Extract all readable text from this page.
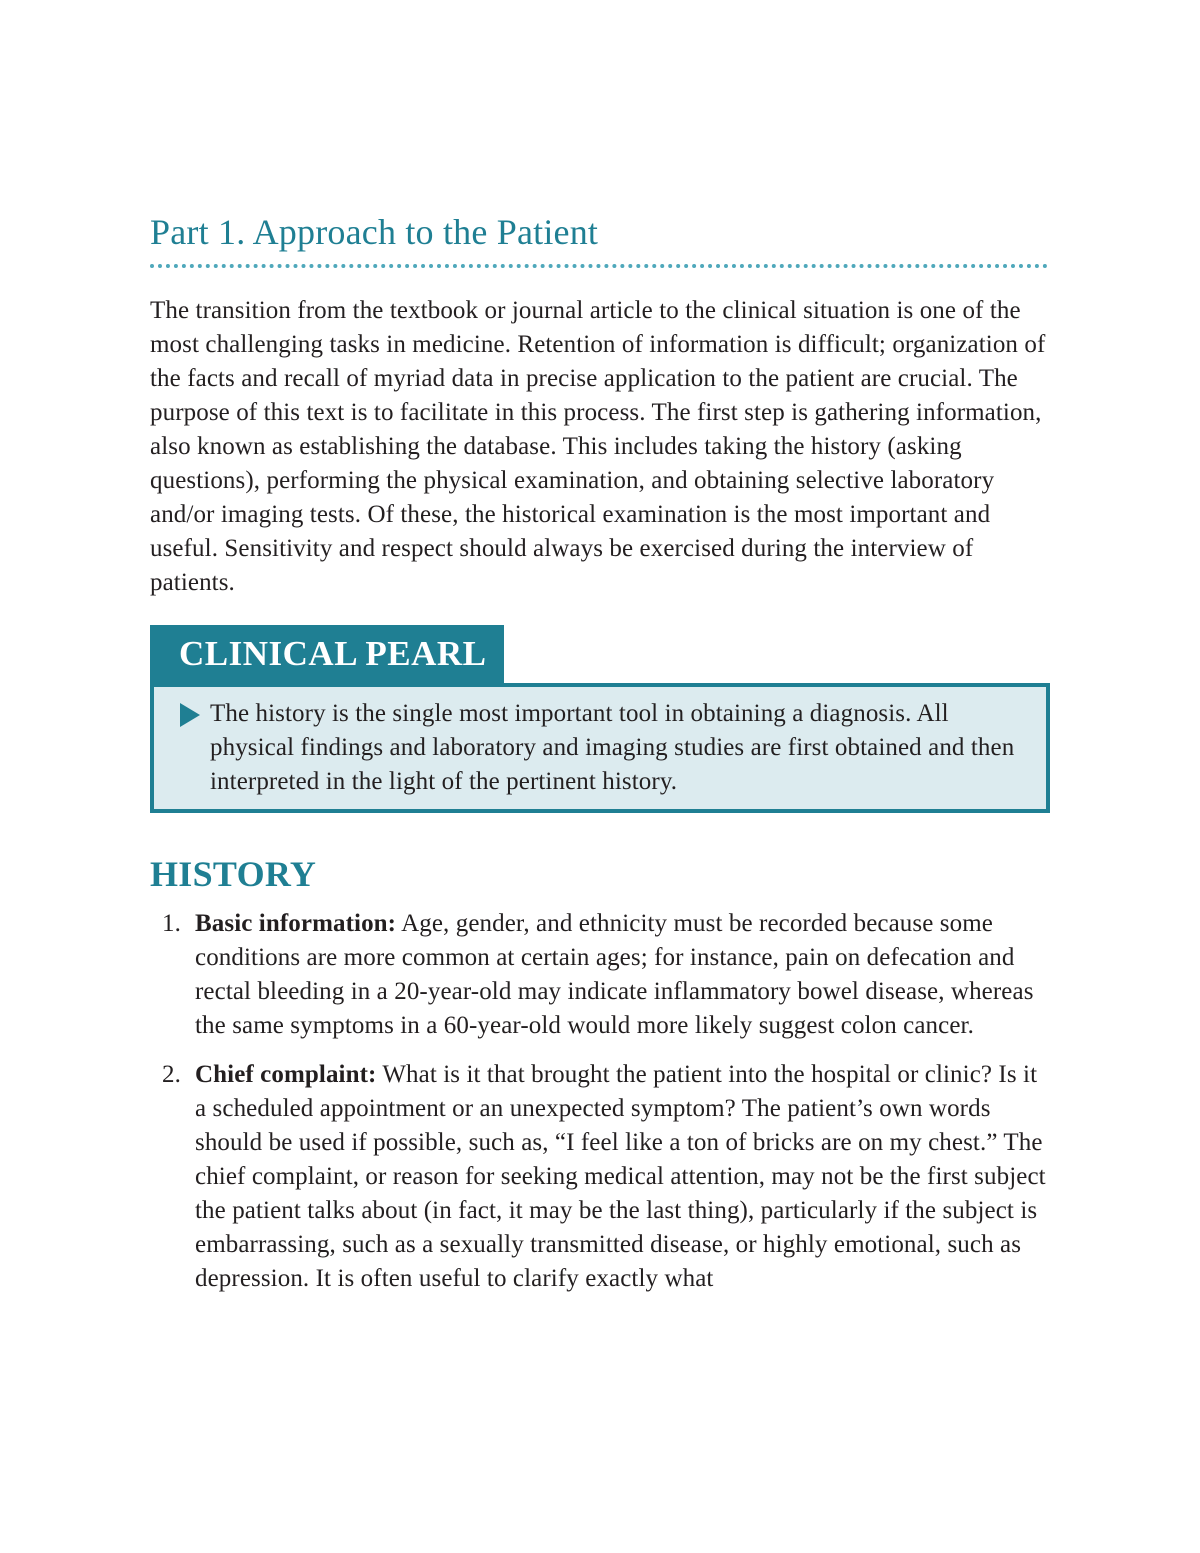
Part 1. Approach to the Patient

The transition from the textbook or journal article to the clinical situation is one of the most challenging tasks in medicine. Retention of information is difficult; organization of the facts and recall of myriad data in precise application to the patient are crucial. The purpose of this text is to facilitate in this process. The first step is gathering information, also known as establishing the database. This includes taking the history (asking questions), performing the physical examination, and obtaining selective laboratory and/or imaging tests. Of these, the historical examination is the most important and useful. Sensitivity and respect should always be exercised during the interview of patients.

CLINICAL PEARL
The history is the single most important tool in obtaining a diagnosis. All physical findings and laboratory and imaging studies are first obtained and then interpreted in the light of the pertinent history.
HISTORY
1. Basic information: Age, gender, and ethnicity must be recorded because some conditions are more common at certain ages; for instance, pain on defecation and rectal bleeding in a 20-year-old may indicate inflammatory bowel disease, whereas the same symptoms in a 60-year-old would more likely suggest colon cancer.
2. Chief complaint: What is it that brought the patient into the hospital or clinic? Is it a scheduled appointment or an unexpected symptom? The patient’s own words should be used if possible, such as, “I feel like a ton of bricks are on my chest.” The chief complaint, or reason for seeking medical attention, may not be the first subject the patient talks about (in fact, it may be the last thing), particularly if the subject is embarrassing, such as a sexually transmitted disease, or highly emotional, such as depression. It is often useful to clarify exactly what
